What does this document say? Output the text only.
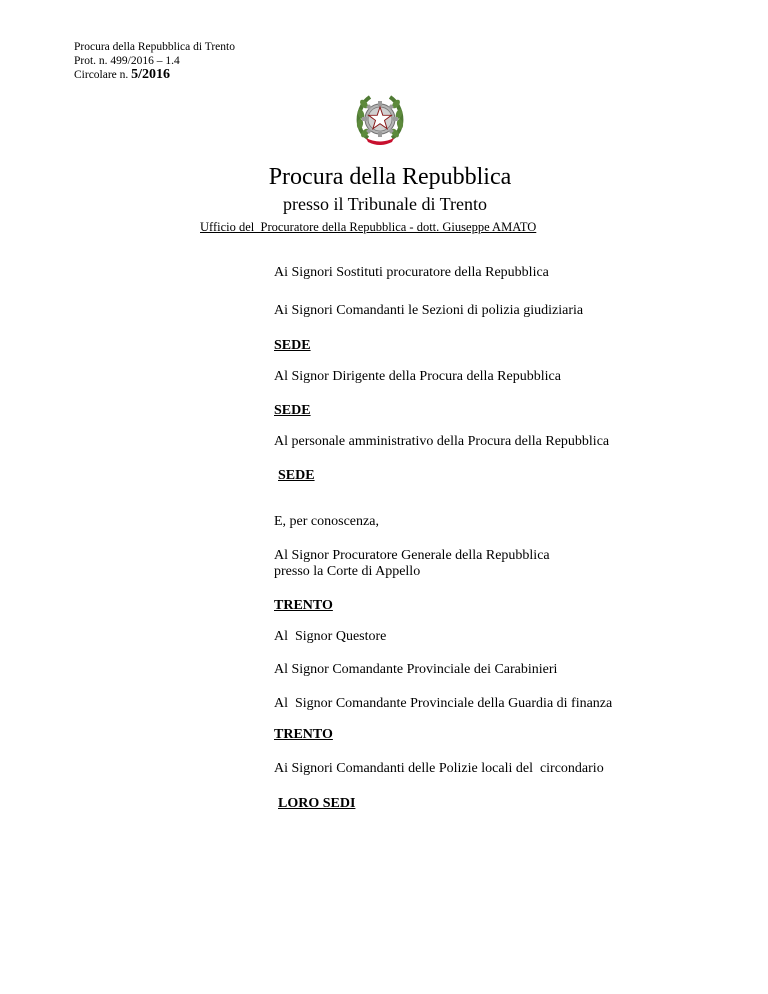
Procura della Repubblica di Trento
Prot. n. 499/2016 – 1.4
Circolare n. 5/2016
Procura della Repubblica
presso il Tribunale di Trento
Ufficio del  Procuratore della Repubblica - dott. Giuseppe AMATO
Ai Signori Sostituti procuratore della Repubblica
Ai Signori Comandanti le Sezioni di polizia giudiziaria
SEDE
Al Signor Dirigente della Procura della Repubblica
SEDE
Al personale amministrativo della Procura della Repubblica
SEDE
E, per conoscenza,
Al Signor Procuratore Generale della Repubblica
presso la Corte di Appello
TRENTO
Al  Signor Questore
Al Signor Comandante Provinciale dei Carabinieri
Al  Signor Comandante Provinciale della Guardia di finanza
TRENTO
Ai Signori Comandanti delle Polizie locali del  circondario
LORO SEDI
